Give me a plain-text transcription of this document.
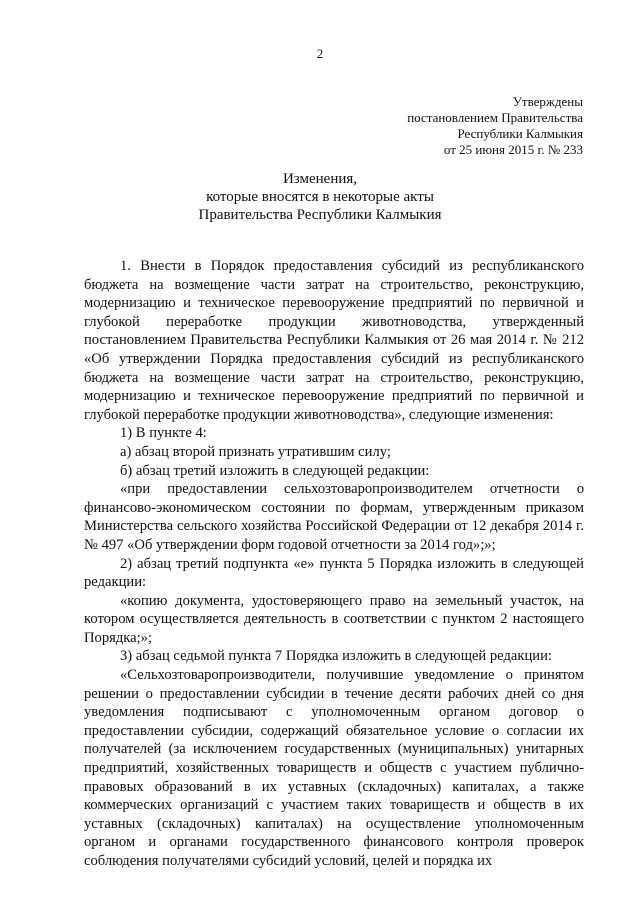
2
Утверждены
постановлением Правительства
Республики Калмыкия
от 25 июня 2015 г. № 233
Изменения,
которые вносятся в некоторые акты
Правительства Республики Калмыкия

1. Внести в Порядок предоставления субсидий из республиканского бюджета на возмещение части затрат на строительство, реконструкцию, модернизацию и техническое перевооружение предприятий по первичной и глубокой переработке продукции животноводства, утвержденный постановлением Правительства Республики Калмыкия от 26 мая 2014 г. № 212 «Об утверждении Порядка предоставления субсидий из республиканского бюджета на возмещение части затрат на строительство, реконструкцию, модернизацию и техническое перевооружение предприятий по первичной и глубокой переработке продукции животноводства», следующие изменения:

1) В пункте 4:

а) абзац второй признать утратившим силу;

б) абзац третий изложить в следующей редакции:

«при предоставлении сельхозтоваропроизводителем отчетности о финансово-экономическом состоянии по формам, утвержденным приказом Министерства сельского хозяйства Российской Федерации от 12 декабря 2014 г. № 497 «Об утверждении форм годовой отчетности за 2014 год»;»;

2) абзац третий подпункта «е» пункта 5 Порядка изложить в следующей редакции:

«копию документа, удостоверяющего право на земельный участок, на котором осуществляется деятельность в соответствии с пунктом 2 настоящего Порядка;»;

3) абзац седьмой пункта 7 Порядка изложить в следующей редакции:

«Сельхозтоваропроизводители, получившие уведомление о принятом решении о предоставлении субсидии в течение десяти рабочих дней со дня уведомления подписывают с уполномоченным органом договор о предоставлении субсидии, содержащий обязательное условие о согласии их получателей (за исключением государственных (муниципальных) унитарных предприятий, хозяйственных товариществ и обществ с участием публично-правовых образований в их уставных (складочных) капиталах, а также коммерческих организаций с участием таких товариществ и обществ в их уставных (складочных) капиталах) на осуществление уполномоченным органом и органами государственного финансового контроля проверок соблюдения получателями субсидий условий, целей и порядка их
